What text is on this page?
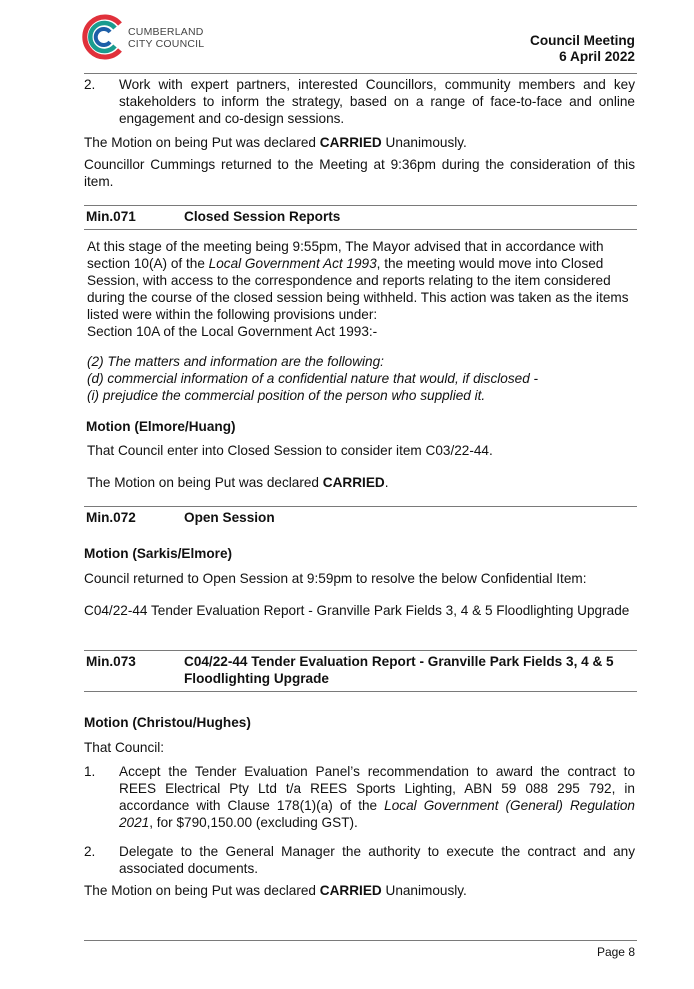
CUMBERLAND
CITY COUNCIL	Council Meeting
6 April 2022
2. Work with expert partners, interested Councillors, community members and key stakeholders to inform the strategy, based on a range of face-to-face and online engagement and co-design sessions.
The Motion on being Put was declared CARRIED Unanimously.
Councillor Cummings returned to the Meeting at 9:36pm during the consideration of this item.
Min.071	Closed Session Reports
At this stage of the meeting being 9:55pm, The Mayor advised that in accordance with section 10(A) of the Local Government Act 1993, the meeting would move into Closed Session, with access to the correspondence and reports relating to the item considered during the course of the closed session being withheld. This action was taken as the items listed were within the following provisions under:
Section 10A of the Local Government Act 1993:-
(2) The matters and information are the following:
(d) commercial information of a confidential nature that would, if disclosed -
(i) prejudice the commercial position of the person who supplied it.
Motion (Elmore/Huang)
That Council enter into Closed Session to consider item C03/22-44.
The Motion on being Put was declared CARRIED.
Min.072	Open Session
Motion (Sarkis/Elmore)
Council returned to Open Session at 9:59pm to resolve the below Confidential Item:
C04/22-44 Tender Evaluation Report - Granville Park Fields 3, 4 & 5 Floodlighting Upgrade
Min.073	C04/22-44 Tender Evaluation Report - Granville Park Fields 3, 4 & 5 Floodlighting Upgrade
Motion (Christou/Hughes)
That Council:
1. Accept the Tender Evaluation Panel’s recommendation to award the contract to REES Electrical Pty Ltd t/a REES Sports Lighting, ABN 59 088 295 792, in accordance with Clause 178(1)(a) of the Local Government (General) Regulation 2021, for $790,150.00 (excluding GST).
2. Delegate to the General Manager the authority to execute the contract and any associated documents.
The Motion on being Put was declared CARRIED Unanimously.
Page 8
